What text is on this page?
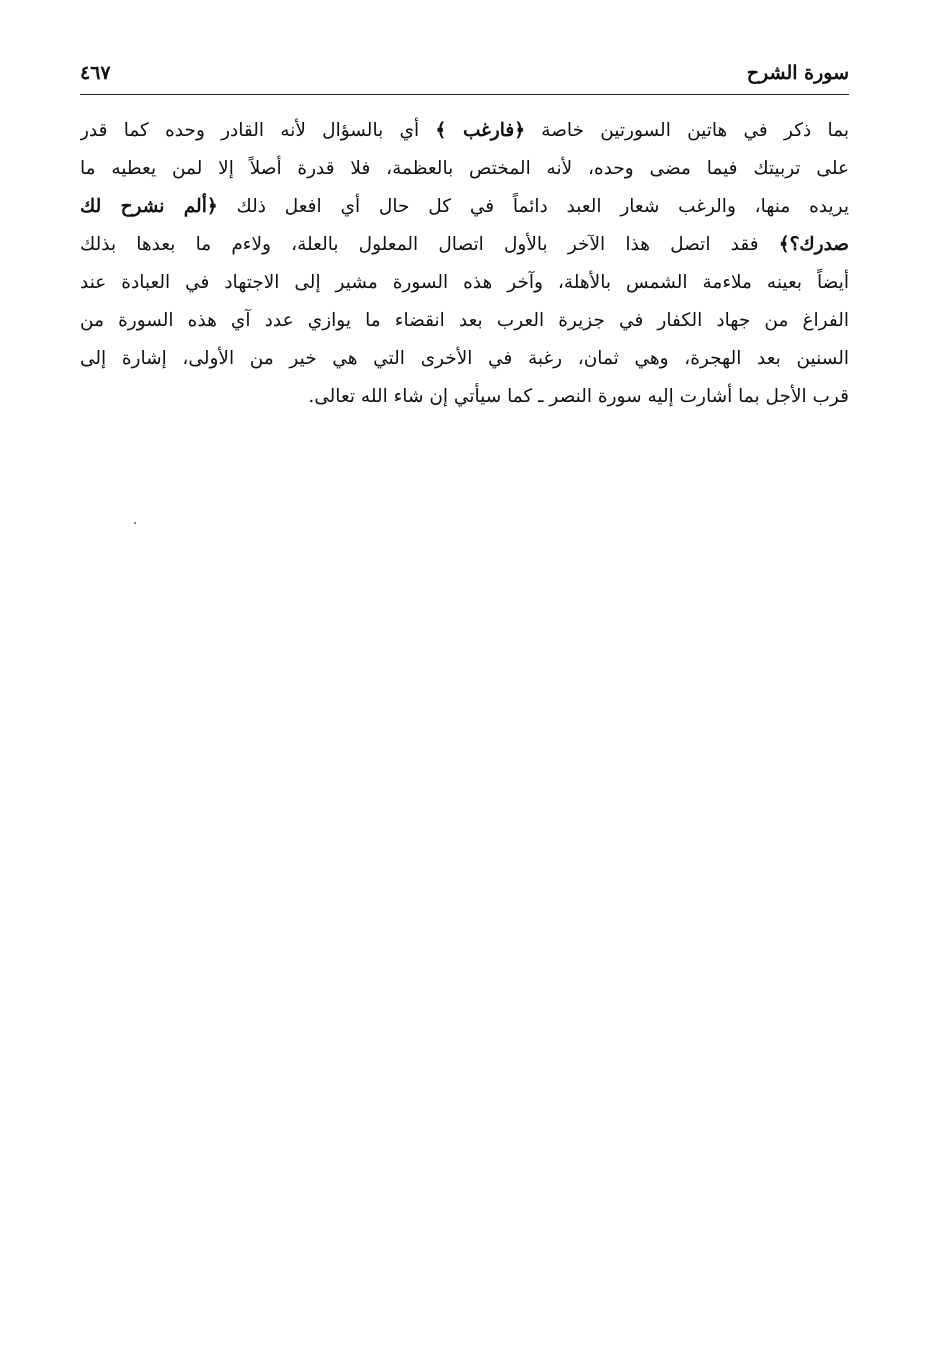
سورة الشرح
٤٦٧
بما ذكر في هاتين السورتين خاصة ﴿فارغب ﴾ أي بالسؤال لأنه القادر وحده كما قدر
على تربيتك فيما مضى وحده، لأنه المختص بالعظمة، فلا قدرة أصلاً إلا لمن يعطيه ما
يريده منها، والرغب شعار العبد دائماً في كل حال أي افعل ذلك ﴿ألم نشرح لك
صدرك؟﴾ فقد اتصل هذا الآخر بالأول اتصال المعلول بالعلة، ولاءم ما بعدها بذلك
أيضاً بعينه ملاءمة الشمس بالأهلة، وآخر هذه السورة مشير إلى الاجتهاد في العبادة عند
الفراغ من جهاد الكفار في جزيرة العرب بعد انقضاء ما يوازي عدد آي هذه السورة من
السنين بعد الهجرة، وهي ثمان، رغبة في الأخرى التي هي خير من الأولى، إشارة إلى
قرب الأجل بما أشارت إليه سورة النصر ـ كما سيأتي إن شاء الله تعالى.
